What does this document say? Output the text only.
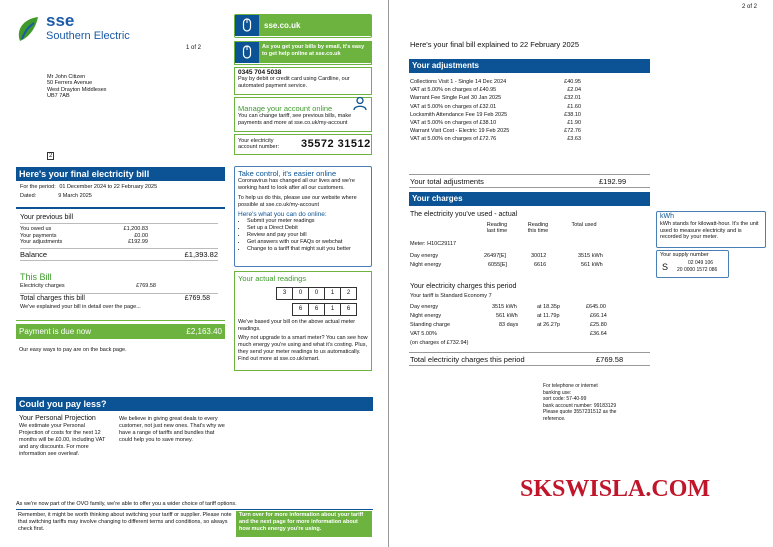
sse
Southern Electric
1 of 2
Mr John Citizen
50 Ferrers Avenue
West Drayton Middlesex
UB7 7AB
2
sse.co.uk
As you get your bills by email, it's easy to get help online at sse.co.uk
0345 704 5038
Pay by debit or credit card using Cardline, our automated payment service.
Manage your account online
You can change tariff, see previous bills, make payments and more at sse.co.uk/my-account
Your electricity account number:	35572 31512
Take control, it's easier online
Coronavirus has changed all our lives and we're working hard to look after all our customers.
To help us do this, please use our website where possible at sse.co.uk/my-account
Here's what you can do online:
• Submit your meter readings
• Set up a Direct Debit
• Review and pay your bill
• Get answers with our FAQs or webchat
• Change to a tariff that might suit you better
Your actual readings
3 0 0 1 2
6 6 1 6
We've based your bill on the above actual meter readings.
Why not upgrade to a smart meter? You can see how much energy you're using and what it's costing. Plus, they send your meter readings to us automatically. Find out more at sse.co.uk/smart.
Here's your final electricity bill
For the period: 01 December 2024 to 22 February 2025
Dated:	9 March 2025
Your previous bill
You owed us	£1,200.83
Your payments	£0.00
Your adjustments	£192.99
Balance	£1,393.82
This Bill
Electricity charges	£769.58
Total charges this bill	£769.58
We've explained your bill in detail over the page...
Payment is due now	£2,163.40
Our easy ways to pay are on the back page.
Could you pay less?
Your Personal Projection
We estimate your Personal Projection of costs for the next 12 months will be £0.00, including VAT and any discounts. For more information see overleaf.
We believe in giving great deals to every customer, not just new ones. That's why we have a range of tariffs and bundles that could help you to save money.
As we're now part of the OVO family, we're able to offer you a wider choice of tariff options.
Remember, it might be worth thinking about switching your tariff or supplier. Please note that switching tariffs may involve changing to different terms and conditions, so always check first.
Turn over for more information about your tariff and the next page for more information about how much energy you're using.
2 of 2
Here's your final bill explained to 22 February 2025
Your adjustments
Collections Visit 1 - Single 14 Dec 2024	£40.95
VAT at 5.00% on charges of £40.95	£2.04
Warrant Fee Single Fuel 30 Jan 2025	£32.01
VAT at 5.00% on charges of £32.01	£1.60
Locksmith Attendance Fee 19 Feb 2025	£38.10
VAT at 5.00% on charges of £38.10	£1.90
Warrant Visit Cost - Electric 19 Feb 2025	£72.76
VAT at 5.00% on charges of £72.76	£3.63
Your total adjustments	£192.99
Your charges
The electricity you've used - actual
Reading last time
Reading this time
Total used
Meter: H10C29117
Day energy	26497[E]	30012	3515 kWh
Night energy	6055[E]	6616	561 kWh
Your electricity charges this period
Your tariff is Standard Economy 7
Day energy	3515 kWh	at 18.35p	£645.00
Night energy	561 kWh	at 11.79p	£66.14
Standing charge	83 days	at 26.27p	£25.80
VAT 5.00%	£36.64
(on charges of £732.94)
Total electricity charges this period	£769.58
kWh
kWh stands for kilowatt-hour. It's the unit used to measure electricity and is recorded by your meter.
Your supply number
S	02 049 106
20 0000 1572 086
For telephone or internet
banking use:
sort code: 57-40-99
bank account number: 99183129
Please quote 3557231512 as the
reference.
SKSWISLA.COM
